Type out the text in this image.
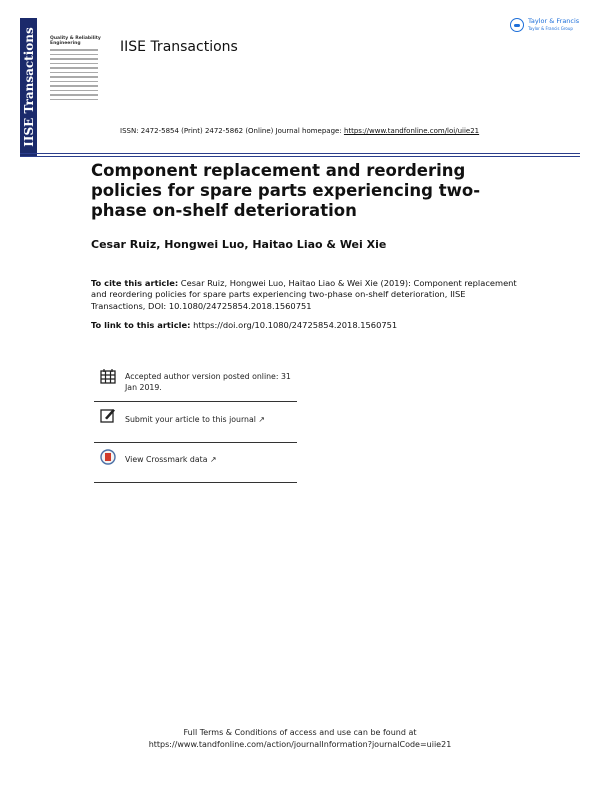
IISE Transactions	Quality & Reliability Engineering	IISE Transactions
Taylor & Francis
Taylor & Francis Group
ISSN: 2472-5854 (Print) 2472-5862 (Online) Journal homepage: https://www.tandfonline.com/loi/uiie21
Component replacement and reordering policies for spare parts experiencing two-phase on-shelf deterioration
Cesar Ruiz, Hongwei Luo, Haitao Liao & Wei Xie
To cite this article: Cesar Ruiz, Hongwei Luo, Haitao Liao & Wei Xie (2019): Component replacement and reordering policies for spare parts experiencing two-phase on-shelf deterioration, IISE Transactions, DOI: 10.1080/24725854.2018.1560751
To link to this article: https://doi.org/10.1080/24725854.2018.1560751
Accepted author version posted online: 31 Jan 2019.
Submit your article to this journal ↗
View Crossmark data ↗
Full Terms & Conditions of access and use can be found at
https://www.tandfonline.com/action/journalInformation?journalCode=uiie21
